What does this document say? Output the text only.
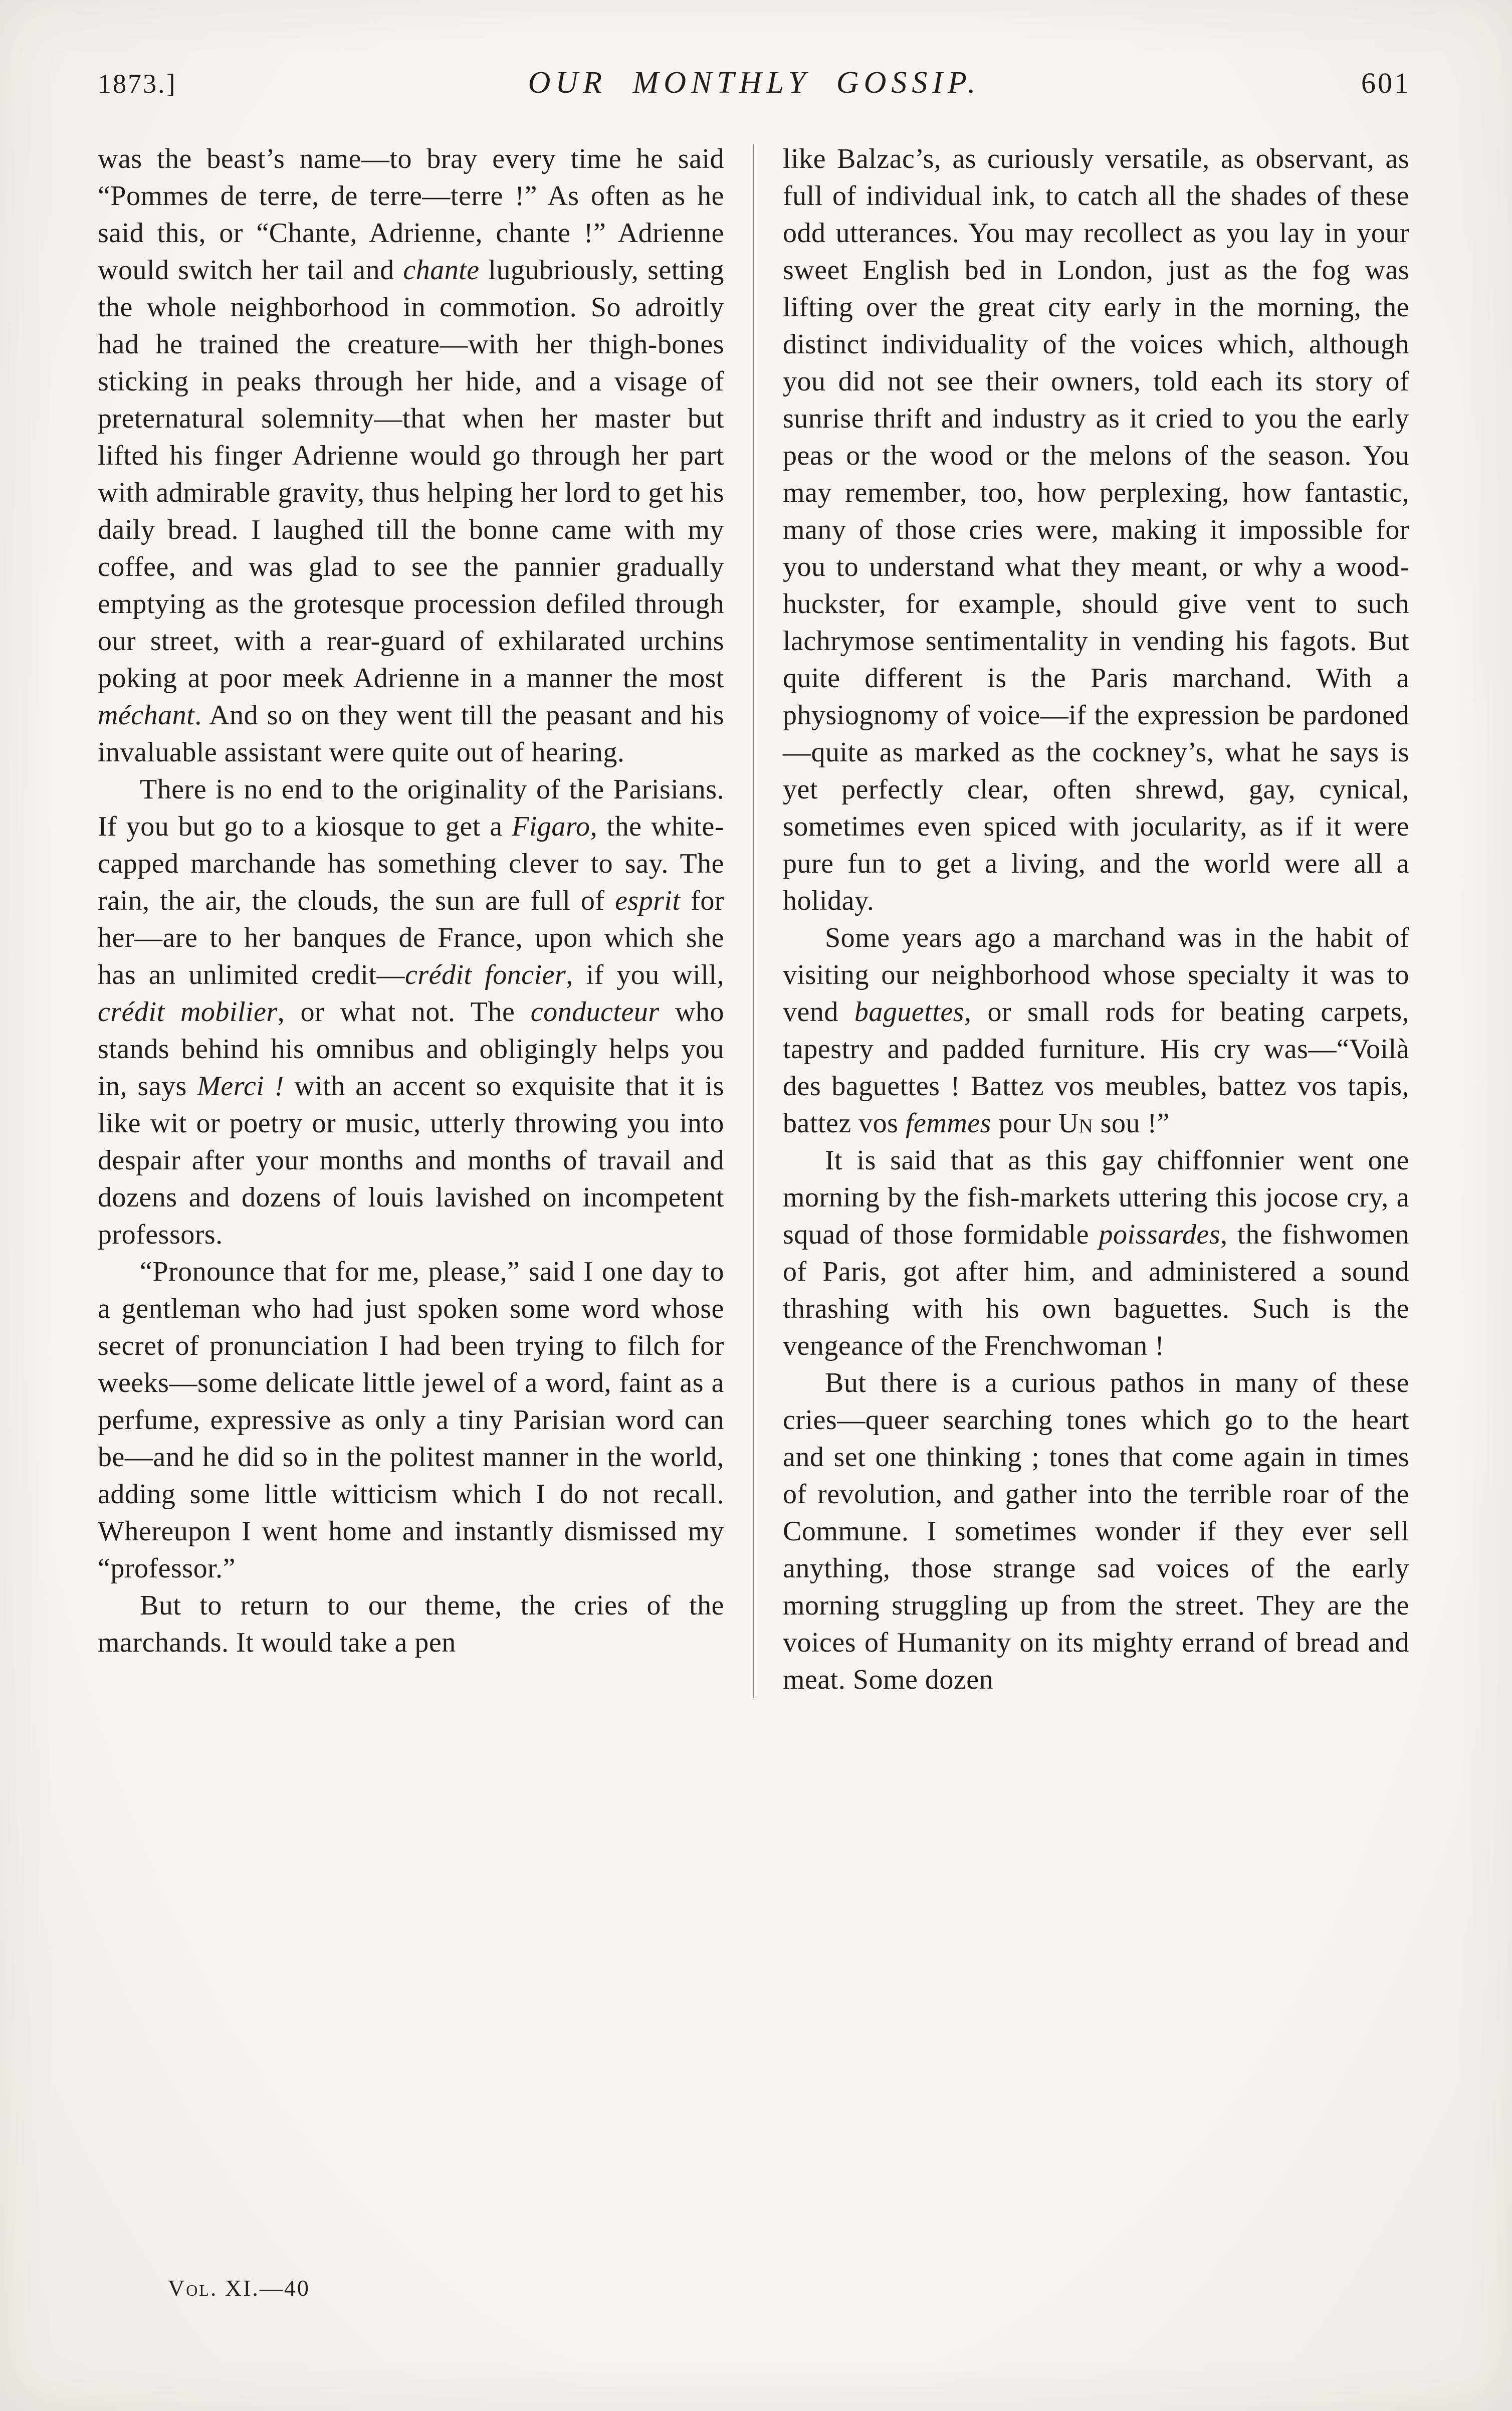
1873.]	OUR MONTHLY GOSSIP.	601

was the beast’s name—to bray every time he said “Pommes de terre, de terre—terre !” As often as he said this, or “Chante, Adrienne, chante !” Adrienne would switch her tail and chante lugubriously, setting the whole neighborhood in commotion. So adroitly had he trained the creature—with her thigh-bones sticking in peaks through her hide, and a visage of preternatural solemnity—that when her master but lifted his finger Adrienne would go through her part with admirable gravity, thus helping her lord to get his daily bread. I laughed till the bonne came with my coffee, and was glad to see the pannier gradually emptying as the grotesque procession defiled through our street, with a rear-guard of exhilarated urchins poking at poor meek Adrienne in a manner the most méchant. And so on they went till the peasant and his invaluable assistant were quite out of hearing.

There is no end to the originality of the Parisians. If you but go to a kiosque to get a Figaro, the white-capped marchande has something clever to say. The rain, the air, the clouds, the sun are full of esprit for her—are to her banques de France, upon which she has an unlimited credit—crédit foncier, if you will, crédit mobilier, or what not. The conducteur who stands behind his omnibus and obligingly helps you in, says Merci ! with an accent so exquisite that it is like wit or poetry or music, utterly throwing you into despair after your months and months of travail and dozens and dozens of louis lavished on incompetent professors.

“Pronounce that for me, please,” said I one day to a gentleman who had just spoken some word whose secret of pronunciation I had been trying to filch for weeks—some delicate little jewel of a word, faint as a perfume, expressive as only a tiny Parisian word can be—and he did so in the politest manner in the world, adding some little witticism which I do not recall. Whereupon I went home and instantly dismissed my “professor.”

But to return to our theme, the cries of the marchands. It would take a pen

like Balzac’s, as curiously versatile, as observant, as full of individual ink, to catch all the shades of these odd utterances. You may recollect as you lay in your sweet English bed in London, just as the fog was lifting over the great city early in the morning, the distinct individuality of the voices which, although you did not see their owners, told each its story of sunrise thrift and industry as it cried to you the early peas or the wood or the melons of the season. You may remember, too, how perplexing, how fantastic, many of those cries were, making it impossible for you to understand what they meant, or why a wood-huckster, for example, should give vent to such lachrymose sentimentality in vending his fagots. But quite different is the Paris marchand. With a physiognomy of voice—if the expression be pardoned—quite as marked as the cockney’s, what he says is yet perfectly clear, often shrewd, gay, cynical, sometimes even spiced with jocularity, as if it were pure fun to get a living, and the world were all a holiday.

Some years ago a marchand was in the habit of visiting our neighborhood whose specialty it was to vend baguettes, or small rods for beating carpets, tapestry and padded furniture. His cry was—“Voilà des baguettes ! Battez vos meubles, battez vos tapis, battez vos femmes pour Un sou !”

It is said that as this gay chiffonnier went one morning by the fish-markets uttering this jocose cry, a squad of those formidable poissardes, the fishwomen of Paris, got after him, and administered a sound thrashing with his own baguettes. Such is the vengeance of the Frenchwoman !

But there is a curious pathos in many of these cries—queer searching tones which go to the heart and set one thinking ; tones that come again in times of revolution, and gather into the terrible roar of the Commune. I sometimes wonder if they ever sell anything, those strange sad voices of the early morning struggling up from the street. They are the voices of Humanity on its mighty errand of bread and meat. Some dozen

Vol. XI.—40
